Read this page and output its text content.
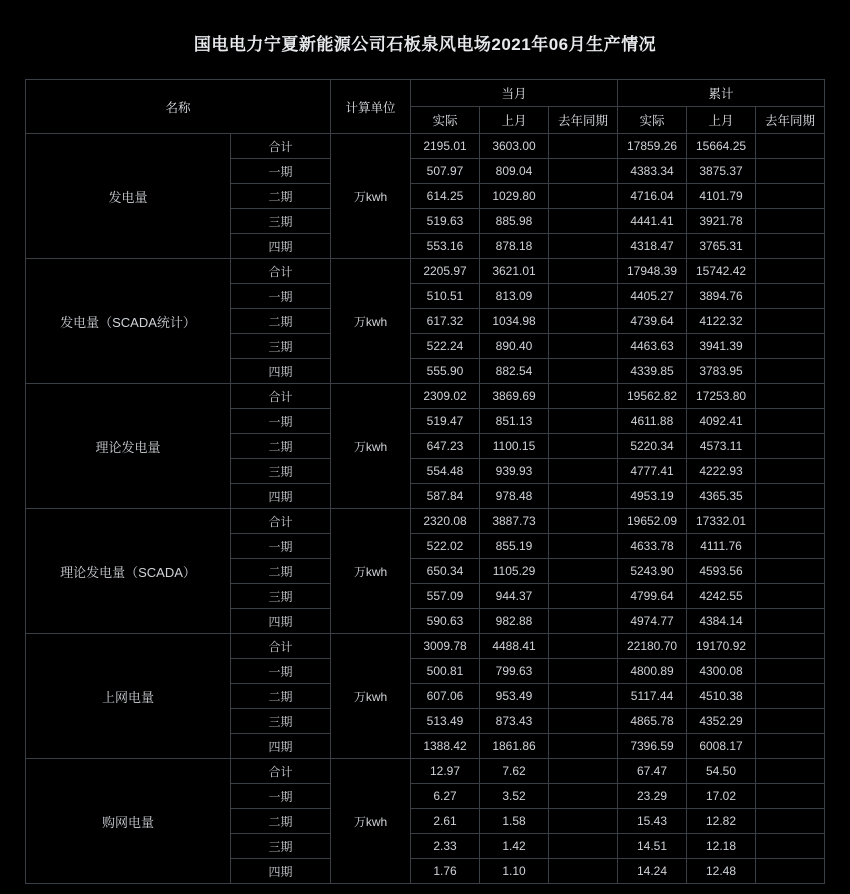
国电电力宁夏新能源公司石板泉风电场2021年06月生产情况
名称		计算单位	当月			累计		
			实际	上月	去年同期	实际	上月	去年同期
发电量	合计	万kwh	2195.01	3603.00		17859.26	15664.25	
	一期		507.97	809.04		4383.34	3875.37	
	二期		614.25	1029.80		4716.04	4101.79	
	三期		519.63	885.98		4441.41	3921.78	
	四期		553.16	878.18		4318.47	3765.31	
发电量（SCADA统计）	合计	万kwh	2205.97	3621.01		17948.39	15742.42	
	一期		510.51	813.09		4405.27	3894.76	
	二期		617.32	1034.98		4739.64	4122.32	
	三期		522.24	890.40		4463.63	3941.39	
	四期		555.90	882.54		4339.85	3783.95	
理论发电量	合计	万kwh	2309.02	3869.69		19562.82	17253.80	
	一期		519.47	851.13		4611.88	4092.41	
	二期		647.23	1100.15		5220.34	4573.11	
	三期		554.48	939.93		4777.41	4222.93	
	四期		587.84	978.48		4953.19	4365.35	
理论发电量（SCADA）	合计	万kwh	2320.08	3887.73		19652.09	17332.01	
	一期		522.02	855.19		4633.78	4111.76	
	二期		650.34	1105.29		5243.90	4593.56	
	三期		557.09	944.37		4799.64	4242.55	
	四期		590.63	982.88		4974.77	4384.14	
上网电量	合计	万kwh	3009.78	4488.41		22180.70	19170.92	
	一期		500.81	799.63		4800.89	4300.08	
	二期		607.06	953.49		5117.44	4510.38	
	三期		513.49	873.43		4865.78	4352.29	
	四期		1388.42	1861.86		7396.59	6008.17	
购网电量	合计	万kwh	12.97	7.62		67.47	54.50	
	一期		6.27	3.52		23.29	17.02	
	二期		2.61	1.58		15.43	12.82	
	三期		2.33	1.42		14.51	12.18	
	四期		1.76	1.10		14.24	12.48	
